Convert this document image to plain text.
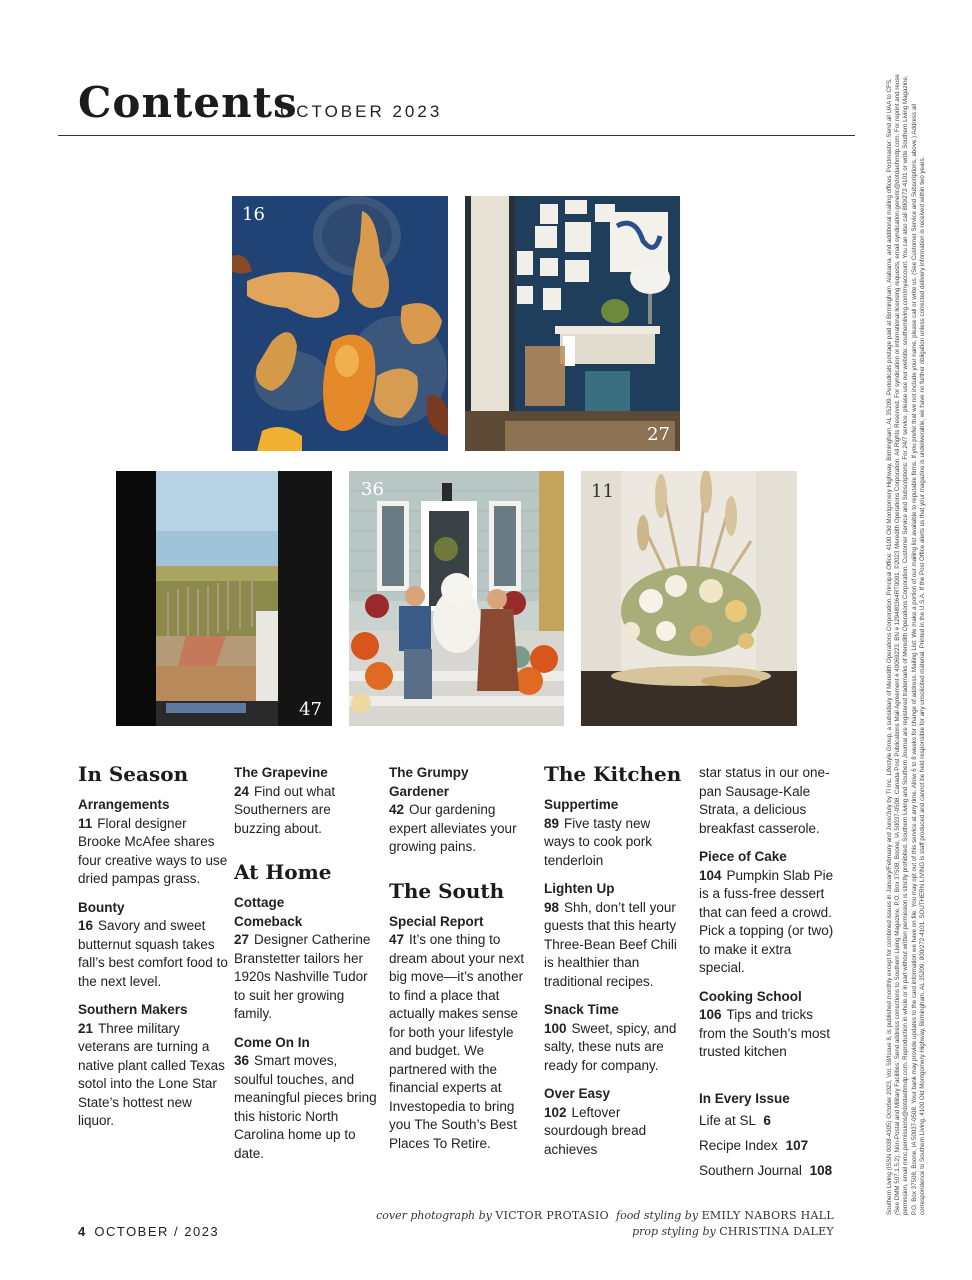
Contents
OCTOBER 2023
16
27
47
36	11
In Season
Arrangements
11 Floral designer Brooke McAfee shares four creative ways to use dried pampas grass.
Bounty
16 Savory and sweet butternut squash takes fall’s best comfort food to the next level.
Southern Makers
21 Three military veterans are turning a native plant called Texas sotol into the Lone Star State’s hottest new liquor.
The Grapevine
24 Find out what Southerners are buzzing about.
At Home
Cottage Comeback
27 Designer Catherine Branstetter tailors her 1920s Nashville Tudor to suit her growing family.
Come On In
36 Smart moves, soulful touches, and meaningful pieces bring this historic North Carolina home up to date.
The Grumpy Gardener
42 Our gardening expert alleviates your growing pains.
The South
Special Report
47 It’s one thing to dream about your next big move—it’s another to find a place that actually makes sense for both your lifestyle and budget. We partnered with the financial experts at Investopedia to bring you The South’s Best Places To Retire.
The Kitchen
Suppertime
89 Five tasty new ways to cook pork tenderloin
Lighten Up
98 Shh, don’t tell your guests that this hearty Three-Bean Beef Chili is healthier than traditional recipes.
Snack Time
100 Sweet, spicy, and salty, these nuts are ready for company.
Over Easy
102 Leftover sourdough bread achieves
star status in our one-pan Sausage-Kale Strata, a delicious breakfast casserole.
Piece of Cake
104 Pumpkin Slab Pie is a fuss-free dessert that can feed a crowd. Pick a topping (or two) to make it extra special.
Cooking School
106 Tips and tricks from the South’s most trusted kitchen
In Every Issue
Life at SL 6
Recipe Index 107
Southern Journal 108
4 OCTOBER / 2023
cover photograph by VICTOR PROTASIO food styling by EMILY NABORS HALL
prop styling by CHRISTINA DALEY
Southern Living (ISSN 0038-4305) October 2023, Vol. 58/Issue 8, is published monthly except for combined issues in January/February and June/July by TI Inc. Lifestyle Group, a subsidiary of Meredith Operations Corporation. Principal Office: 4100 Old Montgomery Highway, Birmingham, AL 35209. Periodicals postage paid at Birmingham, Alabama, and additional mailing offices. Postmaster: Send all UAA to CFS. (See DMM 507.1.5.2); Non-Postal and Military Facilities: Send address corrections to Southern Living Magazine, P.O. Box 37508, Boone, IA 50037-0508. Canada Post Publications Mail Agreement # 40069223. BN # 129480364RT0001. ©2023 Meredith Operations Corporation. All Rights Reserved. For syndication or international licensing requests, email syndication.generic@dotdashmdp.com. For reprint and reuse permission, email mmc.permissions@dotdashmdp.com. Reproduction in whole or in part without written permission is strictly prohibited. Southern Living and Southern Journal are registered trademarks of Meredith Operations Corporation. Customer Service and Subscriptions: For 24/7 service, please use our website: southernliving.com/myaccount. You can also call 800/272-4101 or write Southern Living Magazine, P.O. Box 37508, Boone, IA 50037-0508. Your bank may provide updates to the card information we have on file. You may opt out of this service at any time. Allow 6 to 8 weeks for change of address. Mailing List: We make a portion of our mailing list available to reputable firms. If you prefer that we not include your name, please call or write us. (See Customer Service and Subscriptions, above.) Address all correspondence to Southern Living, 4100 Old Montgomery Highway, Birmingham, AL 35209; 800/272-4101. SOUTHERN LIVING is staff produced and cannot be held responsible for any unsolicited material. Printed in the U.S.A. If the Post Office alerts us that your magazine is undeliverable, we have no further obligation unless corrected delivery information is received within two years.
